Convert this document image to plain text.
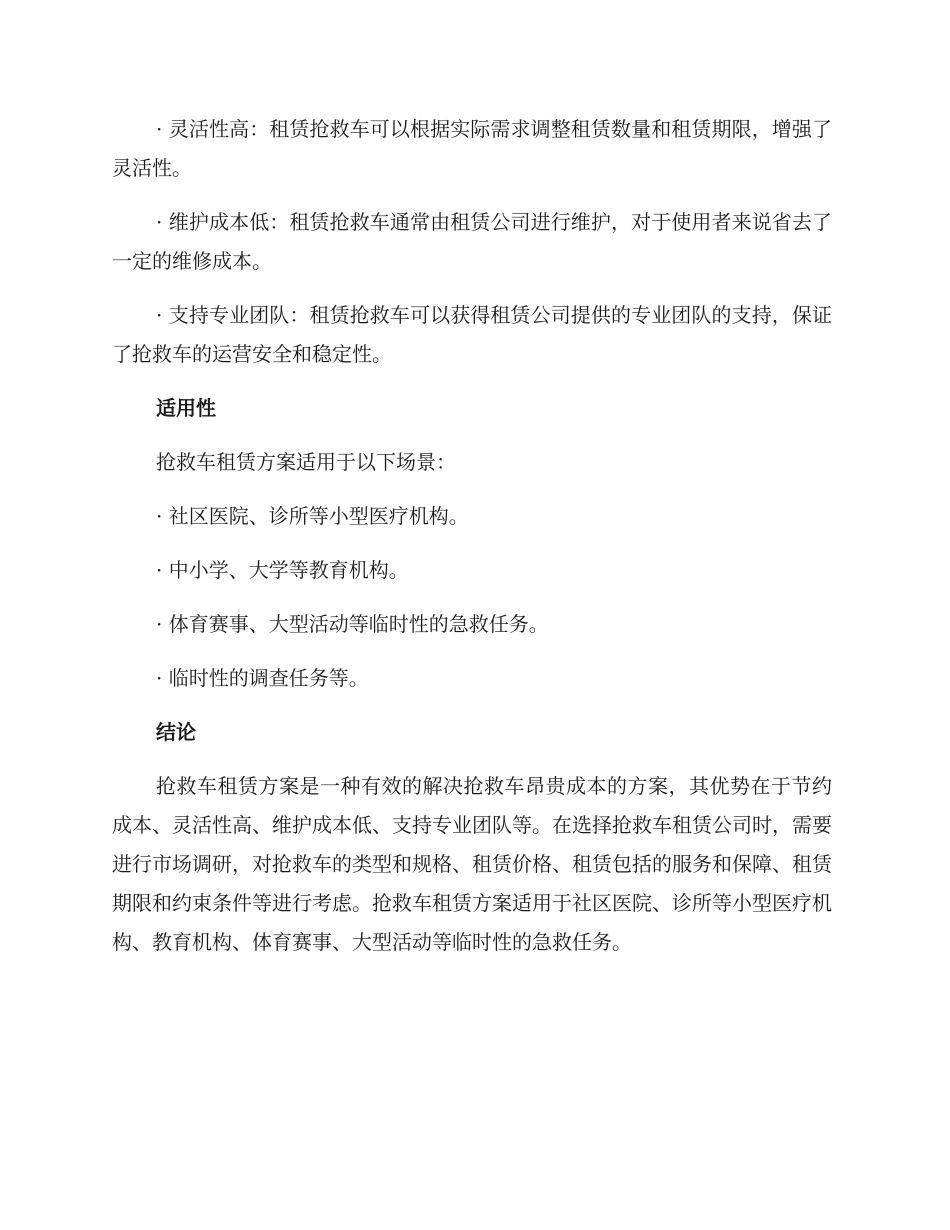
· 灵活性高：租赁抢救车可以根据实际需求调整租赁数量和租赁期限，增强了灵活性。

· 维护成本低：租赁抢救车通常由租赁公司进行维护，对于使用者来说省去了一定的维修成本。

· 支持专业团队：租赁抢救车可以获得租赁公司提供的专业团队的支持，保证了抢救车的运营安全和稳定性。

适用性

抢救车租赁方案适用于以下场景：

· 社区医院、诊所等小型医疗机构。

· 中小学、大学等教育机构。

· 体育赛事、大型活动等临时性的急救任务。

· 临时性的调查任务等。

结论

抢救车租赁方案是一种有效的解决抢救车昂贵成本的方案，其优势在于节约成本、灵活性高、维护成本低、支持专业团队等。在选择抢救车租赁公司时，需要进行市场调研，对抢救车的类型和规格、租赁价格、租赁包括的服务和保障、租赁期限和约束条件等进行考虑。抢救车租赁方案适用于社区医院、诊所等小型医疗机构、教育机构、体育赛事、大型活动等临时性的急救任务。
